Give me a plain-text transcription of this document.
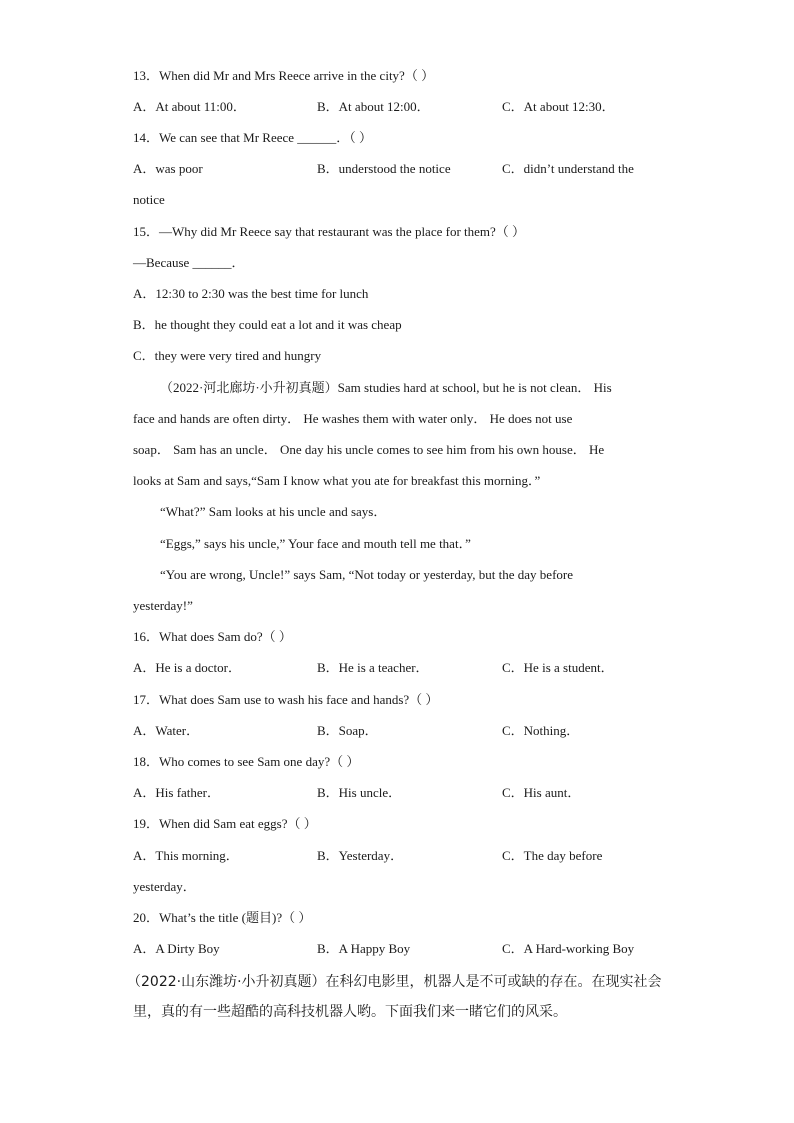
13．When did Mr and Mrs Reece arrive in the city?（ ）
A．At about 11:00．	B．At about 12:00．	C．At about 12:30．
14．We can see that Mr Reece ______．（ ）
A．was poor	B．understood the notice	C．didn’t understand the
notice
15．—Why did Mr Reece say that restaurant was the place for them?（ ）
—Because ______．
A．12:30 to 2:30 was the best time for lunch
B．he thought they could eat a lot and it was cheap
C．they were very tired and hungry
（2022·河北廊坊·小升初真题）Sam studies hard at school, but he is not clean． His
face and hands are often dirty． He washes them with water only． He does not use
soap． Sam has an uncle． One day his uncle comes to see him from his own house． He
looks at Sam and says,“Sam I know what you ate for breakfast this morning．”
“What?” Sam looks at his uncle and says．
“Eggs,” says his uncle,” Your face and mouth tell me that．”
“You are wrong, Uncle!” says Sam, “Not today or yesterday, but the day before
yesterday!”
16．What does Sam do?（ ）
A．He is a doctor．	B．He is a teacher．	C．He is a student．
17．What does Sam use to wash his face and hands?（ ）
A．Water．	B．Soap．	C．Nothing．
18．Who comes to see Sam one day?（ ）
A．His father．	B．His uncle．	C．His aunt．
19．When did Sam eat eggs?（ ）
A．This morning．	B．Yesterday．	C．The day before
yesterday．
20．What’s the title (题目)?（ ）
A．A Dirty Boy	B．A Happy Boy	C．A Hard-working Boy
（2022·山东潍坊·小升初真题）在科幻电影里，机器人是不可或缺的存在。在现实社会
里，真的有一些超酷的高科技机器人哟。下面我们来一睹它们的风采。
